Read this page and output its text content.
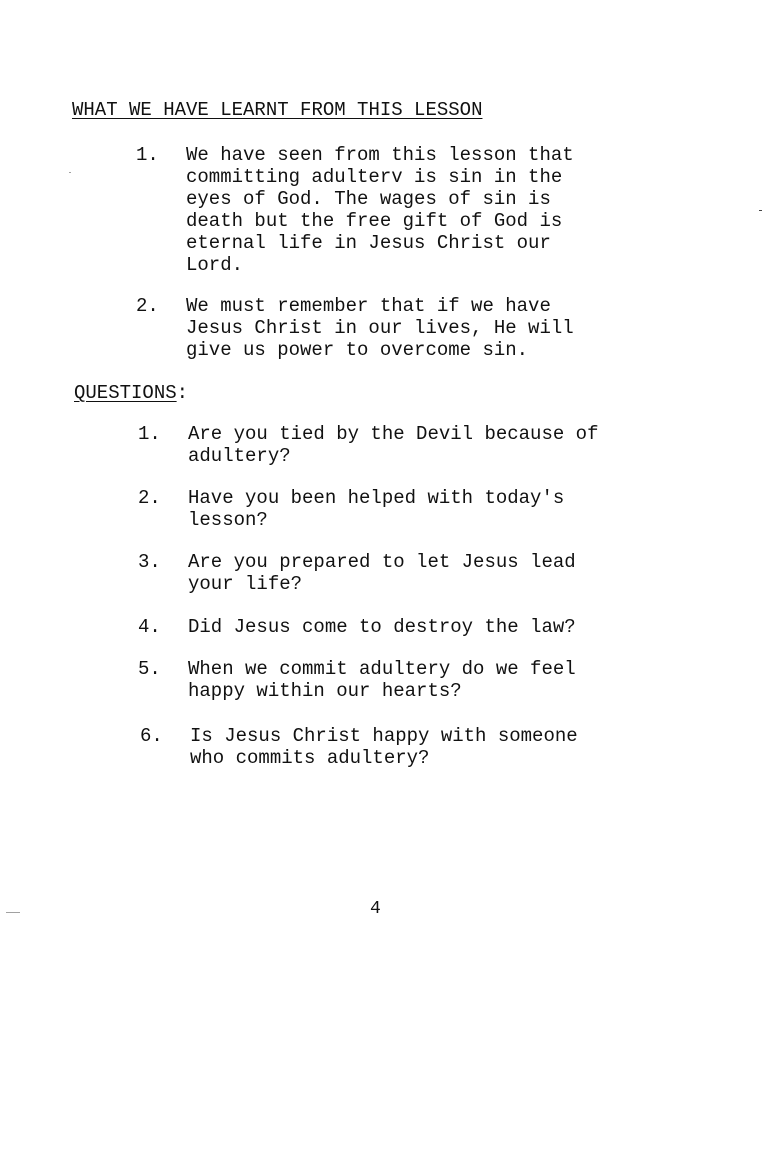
WHAT WE HAVE LEARNT FROM THIS LESSON
1.	We have seen from this lesson that
committing adulterv is sin in the
eyes of God. The wages of sin is
death but the free gift of God is
eternal life in Jesus Christ our
Lord.
2.	We must remember that if we have
Jesus Christ in our lives, He will
give us power to overcome sin.
QUESTIONS:
1.	Are you tied by the Devil because of
adultery?
2.	Have you been helped with today's
lesson?
3.	Are you prepared to let Jesus lead
your life?
4.	Did Jesus come to destroy the law?
5.	When we commit adultery do we feel
happy within our hearts?
6.	Is Jesus Christ happy with someone
who commits adultery?
4
